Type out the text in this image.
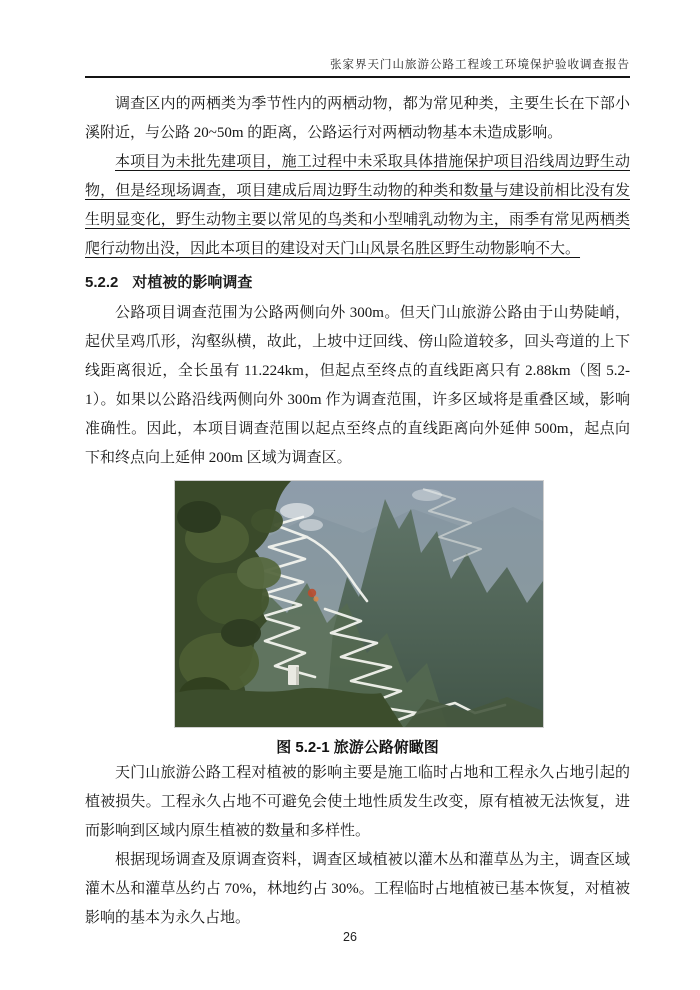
张家界天门山旅游公路工程竣工环境保护验收调查报告

调查区内的两栖类为季节性内的两栖动物，都为常见种类，主要生长在下部小溪附近，与公路 20~50m 的距离，公路运行对两栖动物基本未造成影响。

本项目为未批先建项目，施工过程中未采取具体措施保护项目沿线周边野生动物，但是经现场调查，项目建成后周边野生动物的种类和数量与建设前相比没有发生明显变化，野生动物主要以常见的鸟类和小型哺乳动物为主，雨季有常见两栖类爬行动物出没，因此本项目的建设对天门山风景名胜区野生动物影响不大。

5.2.2 对植被的影响调查

公路项目调查范围为公路两侧向外 300m。但天门山旅游公路由于山势陡峭，起伏呈鸡爪形，沟壑纵横，故此，上坡中迂回线、傍山险道较多，回头弯道的上下线距离很近，全长虽有 11.224km，但起点至终点的直线距离只有 2.88km（图 5.2-1）。如果以公路沿线两侧向外 300m 作为调查范围，许多区域将是重叠区域，影响准确性。因此，本项目调查范围以起点至终点的直线距离向外延伸 500m，起点向下和终点向上延伸 200m 区域为调查区。

图 5.2-1 旅游公路俯瞰图

天门山旅游公路工程对植被的影响主要是施工临时占地和工程永久占地引起的植被损失。工程永久占地不可避免会使土地性质发生改变，原有植被无法恢复，进而影响到区域内原生植被的数量和多样性。

根据现场调查及原调查资料，调查区域植被以灌木丛和灌草丛为主，调查区域灌木丛和灌草丛约占 70%，林地约占 30%。工程临时占地植被已基本恢复，对植被影响的基本为永久占地。

26
